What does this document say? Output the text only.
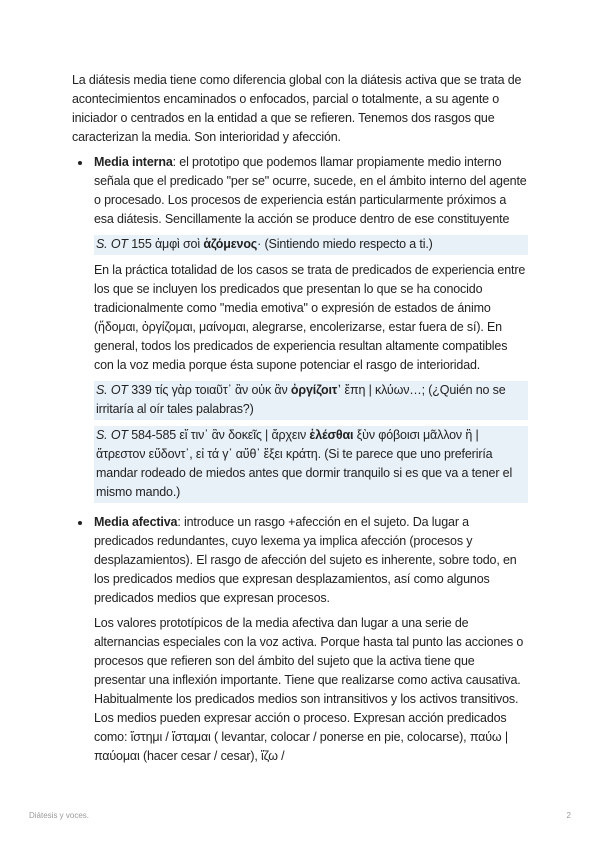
La diátesis media tiene como diferencia global con la diátesis activa que se trata de acontecimientos encaminados o enfocados, parcial o totalmente, a su agente o iniciador o centrados en la entidad a que se refieren. Tenemos dos rasgos que caracterizan la media. Son interioridad y afección.

Media interna: el prototipo que podemos llamar propiamente medio interno señala que el predicado "per se" ocurre, sucede, en el ámbito interno del agente o procesado. Los procesos de experiencia están particularmente próximos a esa diátesis. Sencillamente la acción se produce dentro de ese constituyente

S. OT 155 ἀμφὶ σοὶ ἁζόμενος· (Sintiendo miedo respecto a ti.)

En la práctica totalidad de los casos se trata de predicados de experiencia entre los que se incluyen los predicados que presentan lo que se ha conocido tradicionalmente como "media emotiva" o expresión de estados de ánimo (ἥδομαι, ὀργίζομαι, μαίνομαι, alegrarse, encolerizarse, estar fuera de sí). En general, todos los predicados de experiencia resultan altamente compatibles con la voz media porque ésta supone potenciar el rasgo de interioridad.

S. OT 339 τίς γὰρ τοιαῦτ᾽ ἂν οὐκ ἂν ὀργίζοιτ᾽ ἔπη | κλύων…; (¿Quién no se irritaría al oír tales palabras?)

S. OT 584-585 εἴ τιν᾽ ἂν δοκεῖς | ἄρχειν ἑλέσθαι ξὺν φόβοισι μᾶλλον ἢ | ἄτρεστον εὕδοντ᾽, εἰ τά γ᾽ αὔθ᾽ ἕξει κράτη. (Si te parece que uno preferiría mandar rodeado de miedos antes que dormir tranquilo si es que va a tener el mismo mando.)

Media afectiva: introduce un rasgo +afección en el sujeto. Da lugar a predicados redundantes, cuyo lexema ya implica afección (procesos y desplazamientos). El rasgo de afección del sujeto es inherente, sobre todo, en los predicados medios que expresan desplazamientos, así como algunos predicados medios que expresan procesos.

Los valores prototípicos de la media afectiva dan lugar a una serie de alternancias especiales con la voz activa. Porque hasta tal punto las acciones o procesos que refieren son del ámbito del sujeto que la activa tiene que presentar una inflexión importante. Tiene que realizarse como activa causativa. Habitualmente los predicados medios son intransitivos y los activos transitivos. Los medios pueden expresar acción o proceso. Expresan acción predicados como: ἵστημι / ἵσταμαι ( levantar, colocar / ponerse en pie, colocarse), παύω | παύομαι (hacer cesar / cesar), ἵζω /

Diátesis y voces.	2
